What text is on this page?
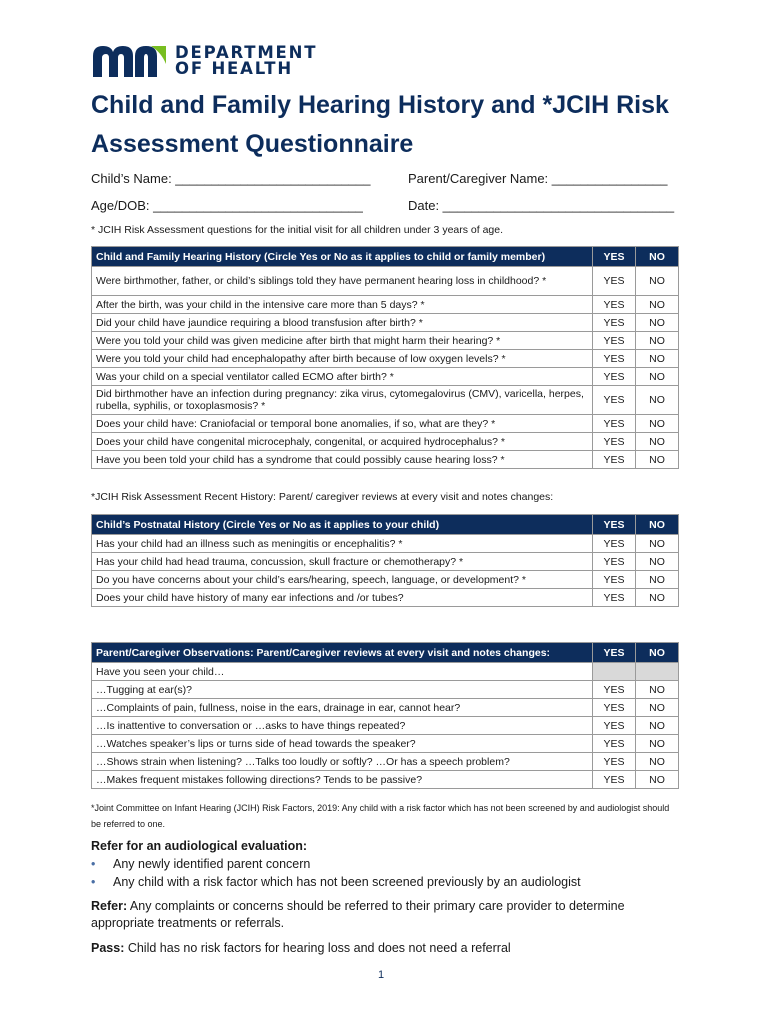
DEPARTMENT
OF HEALTH
Child and Family Hearing History and *JCIH Risk Assessment Questionnaire
Child’s Name: ___________________________	Parent/Caregiver Name: ________________
Age/DOB: _____________________________	Date: ________________________________
* JCIH Risk Assessment questions for the initial visit for all children under 3 years of age.
Child and Family Hearing History (Circle Yes or No as it applies to child or family member)	YES	NO
Were birthmother, father, or child’s siblings told they have permanent hearing loss in childhood? *	YES	NO
After the birth, was your child in the intensive care more than 5 days? *	YES	NO
Did your child have jaundice requiring a blood transfusion after birth? *	YES	NO
Were you told your child was given medicine after birth that might harm their hearing? *	YES	NO
Were you told your child had encephalopathy after birth because of low oxygen levels? *	YES	NO
Was your child on a special ventilator called ECMO after birth? *	YES	NO
Did birthmother have an infection during pregnancy: zika virus, cytomegalovirus (CMV), varicella, herpes, rubella, syphilis, or toxoplasmosis? *	YES	NO
Does your child have: Craniofacial or temporal bone anomalies, if so, what are they? *	YES	NO
Does your child have congenital microcephaly, congenital, or acquired hydrocephalus? *	YES	NO
Have you been told your child has a syndrome that could possibly cause hearing loss? *	YES	NO
*JCIH Risk Assessment Recent History: Parent/ caregiver reviews at every visit and notes changes:
Child’s Postnatal History (Circle Yes or No as it applies to your child)	YES	NO
Has your child had an illness such as meningitis or encephalitis? *	YES	NO
Has your child had head trauma, concussion, skull fracture or chemotherapy? *	YES	NO
Do you have concerns about your child’s ears/hearing, speech, language, or development? *	YES	NO
Does your child have history of many ear infections and /or tubes?	YES	NO
Parent/Caregiver Observations: Parent/Caregiver reviews at every visit and notes changes:	YES	NO
Have you seen your child…		
…Tugging at ear(s)?	YES	NO
…Complaints of pain, fullness, noise in the ears, drainage in ear, cannot hear?	YES	NO
…Is inattentive to conversation or …asks to have things repeated?	YES	NO
…Watches speaker’s lips or turns side of head towards the speaker?	YES	NO
…Shows strain when listening? …Talks too loudly or softly? …Or has a speech problem?	YES	NO
…Makes frequent mistakes following directions? Tends to be passive?	YES	NO
*Joint Committee on Infant Hearing (JCIH) Risk Factors, 2019: Any child with a risk factor which has not been screened by and audiologist should be referred to one.
Refer for an audiological evaluation:
• Any newly identified parent concern
• Any child with a risk factor which has not been screened previously by an audiologist
Refer: Any complaints or concerns should be referred to their primary care provider to determine appropriate treatments or referrals.
Pass: Child has no risk factors for hearing loss and does not need a referral
1
